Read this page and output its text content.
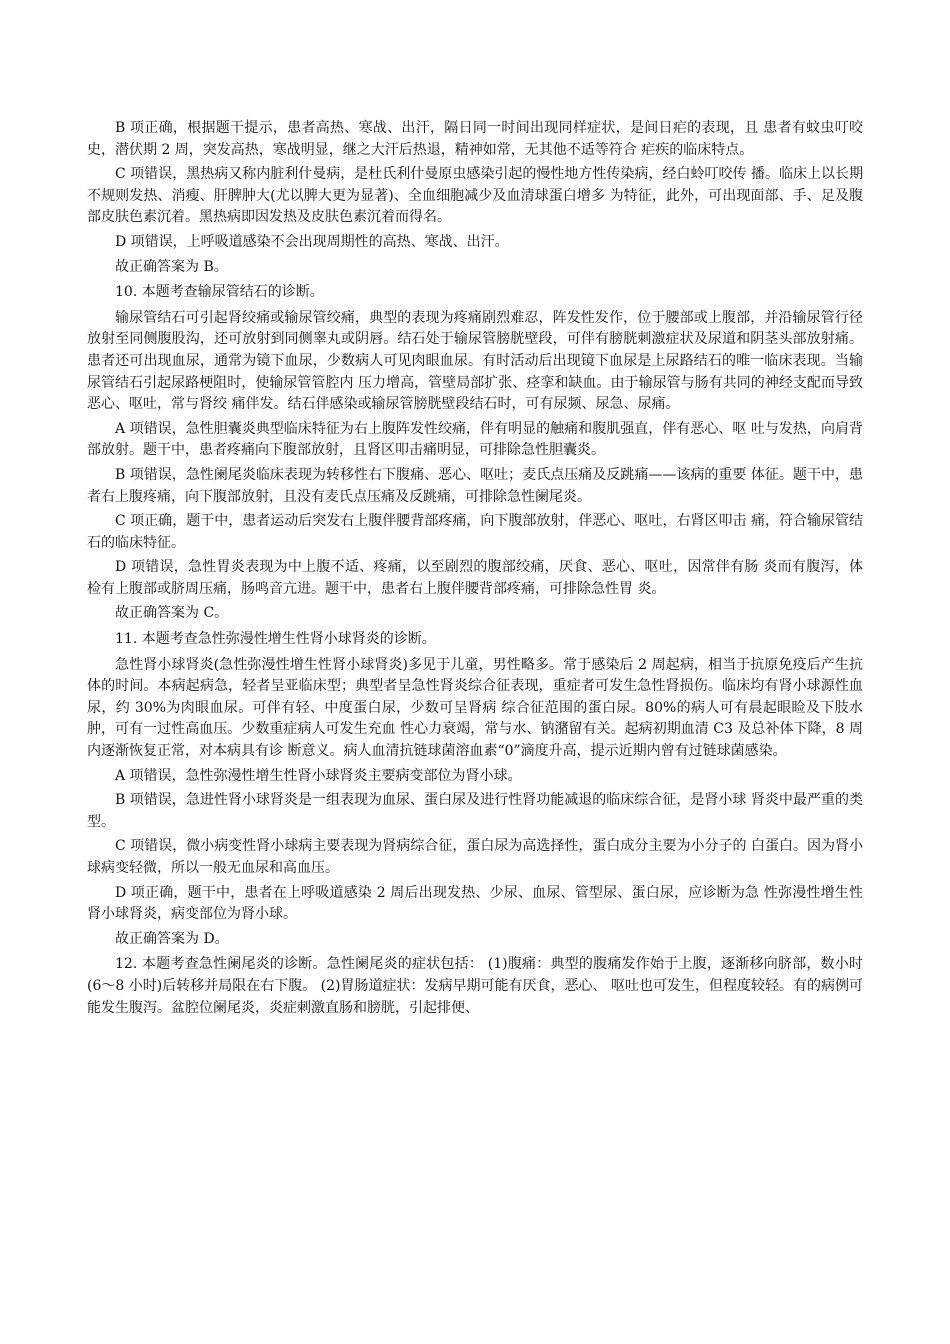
B 项正确，根据题干提示，患者高热、寒战、出汗，隔日同一时间出现同样症状，是间日疟的表现，且 患者有蚊虫叮咬史，潜伏期 2 周，突发高热，寒战明显，继之大汗后热退，精神如常，无其他不适等符合 疟疾的临床特点。

C 项错误，黑热病又称内脏利什曼病，是杜氏利什曼原虫感染引起的慢性地方性传染病，经白蛉叮咬传 播。临床上以长期不规则发热、消瘦、肝脾肿大(尤以脾大更为显著)、全血细胞减少及血清球蛋白增多 为特征，此外，可出现面部、手、足及腹部皮肤色素沉着。黑热病即因发热及皮肤色素沉着而得名。

D 项错误，上呼吸道感染不会出现周期性的高热、寒战、出汗。

故正确答案为 B。

10. 本题考查输尿管结石的诊断。

输尿管结石可引起肾绞痛或输尿管绞痛，典型的表现为疼痛剧烈难忍，阵发性发作，位于腰部或上腹部，并沿输尿管行径放射至同侧腹股沟，还可放射到同侧睾丸或阴唇。结石处于输尿管膀胱壁段，可伴有膀胱刺激症状及尿道和阴茎头部放射痛。患者还可出现血尿，通常为镜下血尿，少数病人可见肉眼血尿。有时活动后出现镜下血尿是上尿路结石的唯一临床表现。当输尿管结石引起尿路梗阻时，使输尿管管腔内 压力增高，管壁局部扩张、痉挛和缺血。由于输尿管与肠有共同的神经支配而导致恶心、呕吐，常与肾绞 痛伴发。结石伴感染或输尿管膀胱壁段结石时，可有尿频、尿急、尿痛。

A 项错误，急性胆囊炎典型临床特征为右上腹阵发性绞痛，伴有明显的触痛和腹肌强直，伴有恶心、呕 吐与发热，向肩背部放射。题干中，患者疼痛向下腹部放射，且肾区叩击痛明显，可排除急性胆囊炎。

B 项错误，急性阑尾炎临床表现为转移性右下腹痛、恶心、呕吐；麦氏点压痛及反跳痛——该病的重要 体征。题干中，患者右上腹疼痛，向下腹部放射，且没有麦氏点压痛及反跳痛，可排除急性阑尾炎。

C 项正确，题干中，患者运动后突发右上腹伴腰背部疼痛，向下腹部放射，伴恶心、呕吐，右肾区叩击 痛，符合输尿管结石的临床特征。

D 项错误，急性胃炎表现为中上腹不适、疼痛，以至剧烈的腹部绞痛，厌食、恶心、呕吐，因常伴有肠 炎而有腹泻，体检有上腹部或脐周压痛，肠鸣音亢进。题干中，患者右上腹伴腰背部疼痛，可排除急性胃 炎。

故正确答案为 C。

11. 本题考查急性弥漫性增生性肾小球肾炎的诊断。

急性肾小球肾炎(急性弥漫性增生性肾小球肾炎)多见于儿童，男性略多。常于感染后 2 周起病，相当于抗原免疫后产生抗体的时间。本病起病急，轻者呈亚临床型；典型者呈急性肾炎综合征表现，重症者可发生急性肾损伤。临床均有肾小球源性血尿，约 30%为肉眼血尿。可伴有轻、中度蛋白尿，少数可呈肾病 综合征范围的蛋白尿。80%的病人可有晨起眼睑及下肢水肿，可有一过性高血压。少数重症病人可发生充血 性心力衰竭，常与水、钠潴留有关。起病初期血清 C3 及总补体下降，8 周内逐渐恢复正常，对本病具有诊 断意义。病人血清抗链球菌溶血素“0”滴度升高，提示近期内曾有过链球菌感染。

A 项错误，急性弥漫性增生性肾小球肾炎主要病变部位为肾小球。

B 项错误，急进性肾小球肾炎是一组表现为血尿、蛋白尿及进行性肾功能减退的临床综合征，是肾小球 肾炎中最严重的类型。

C 项错误，微小病变性肾小球病主要表现为肾病综合征，蛋白尿为高选择性，蛋白成分主要为小分子的 白蛋白。因为肾小球病变轻微，所以一般无血尿和高血压。

D 项正确，题干中，患者在上呼吸道感染 2 周后出现发热、少尿、血尿、管型尿、蛋白尿，应诊断为急 性弥漫性增生性肾小球肾炎，病变部位为肾小球。

故正确答案为 D。

12. 本题考查急性阑尾炎的诊断。急性阑尾炎的症状包括： (1)腹痛：典型的腹痛发作始于上腹，逐渐移向脐部，数小时(6～8 小时)后转移并局限在右下腹。 (2)胃肠道症状：发病早期可能有厌食，恶心、 呕吐也可发生，但程度较轻。有的病例可能发生腹泻。盆腔位阑尾炎，炎症刺激直肠和膀胱，引起排便、
